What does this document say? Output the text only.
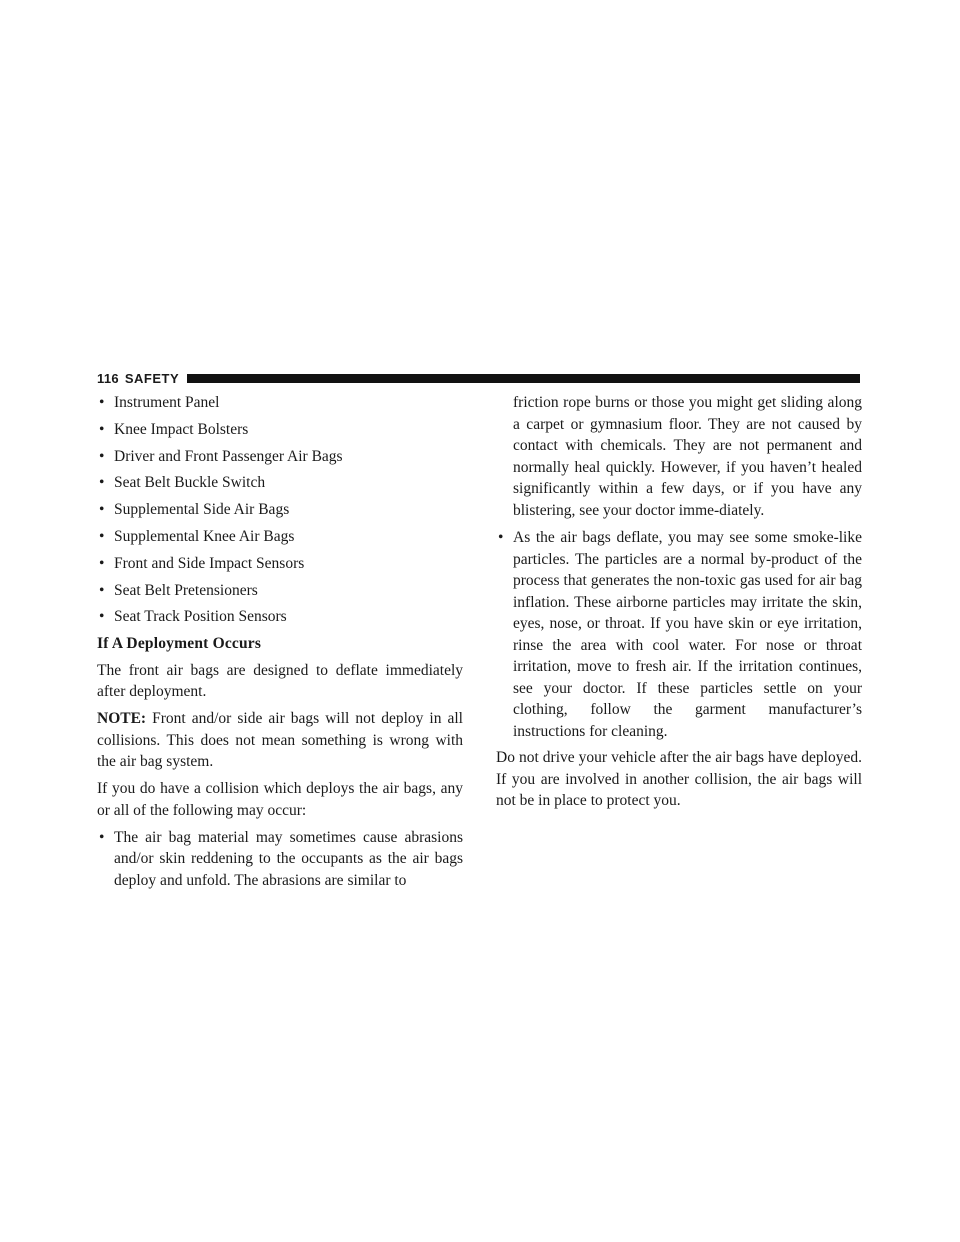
116 SAFETY
• Instrument Panel
• Knee Impact Bolsters
• Driver and Front Passenger Air Bags
• Seat Belt Buckle Switch
• Supplemental Side Air Bags
• Supplemental Knee Air Bags
• Front and Side Impact Sensors
• Seat Belt Pretensioners
• Seat Track Position Sensors
If A Deployment Occurs

The front air bags are designed to deflate immediately after deployment.

NOTE: Front and/or side air bags will not deploy in all collisions. This does not mean something is wrong with the air bag system.

If you do have a collision which deploys the air bags, any or all of the following may occur:

• The air bag material may sometimes cause abrasions and/or skin reddening to the occupants as the air bags deploy and unfold. The abrasions are similar to
friction rope burns or those you might get sliding along a carpet or gymnasium floor. They are not caused by contact with chemicals. They are not permanent and normally heal quickly. However, if you haven’t healed significantly within a few days, or if you have any blistering, see your doctor imme-diately.
• As the air bags deflate, you may see some smoke-like particles. The particles are a normal by-product of the process that generates the non-toxic gas used for air bag inflation. These airborne particles may irritate the skin, eyes, nose, or throat. If you have skin or eye irritation, rinse the area with cool water. For nose or throat irritation, move to fresh air. If the irritation continues, see your doctor. If these particles settle on your clothing, follow the garment manufacturer’s instructions for cleaning.

Do not drive your vehicle after the air bags have deployed. If you are involved in another collision, the air bags will not be in place to protect you.
